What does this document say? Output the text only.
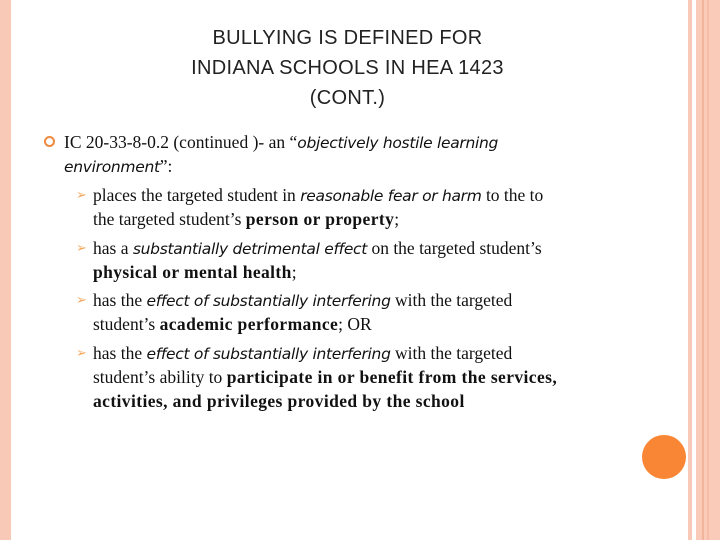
BULLYING IS DEFINED FOR
INDIANA SCHOOLS IN HEA 1423
(CONT.)
IC 20-33-8-0.2 (continued )- an “objectively hostile learning
environment”:
➢ places the targeted student in reasonable fear or harm to the to
the targeted student’s person or property;
➢ has a substantially detrimental effect on the targeted student’s
physical or mental health;
➢ has the effect of substantially interfering with the targeted
student’s academic performance; OR
➢ has the effect of substantially interfering with the targeted
student’s ability to participate in or benefit from the services,
activities, and privileges provided by the school
